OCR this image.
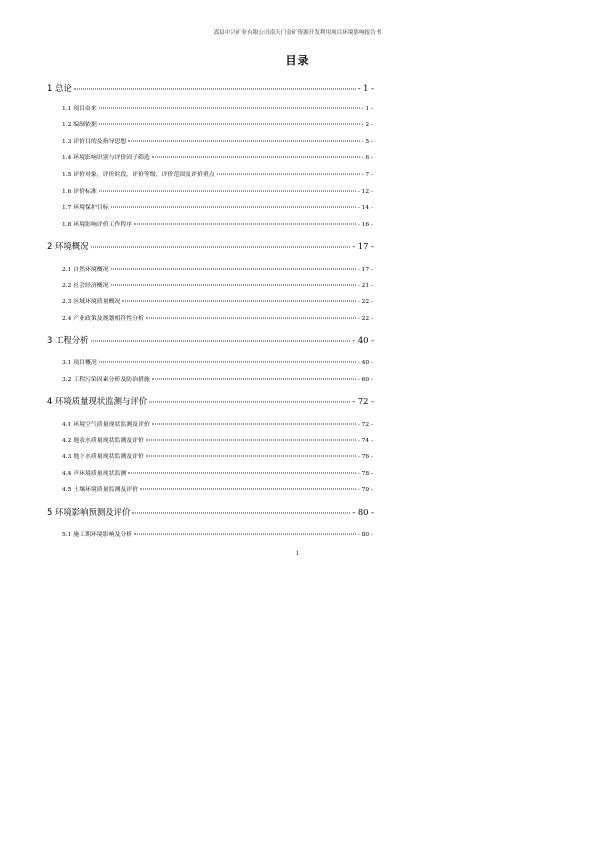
嵩县中兴矿业有限公司南天门金矿资源开发利用项目环境影响报告书
目录
1 总论	- 1 -
1.1 项目由来	- 1 -
1.2 编制依据	- 2 -
1.3 评价目的及指导思想	- 5 -
1.4 环境影响识别与评价因子筛选	- 6 -
1.5 评价对象，评价时段、评价等级、评价范围及评价重点	- 7 -
1.6 评价标准	- 12 -
1.7 环境保护目标	- 14 -
1.8 环境影响评价工作程序	- 16 -
2 环境概况	- 17 -
2.1 自然环境概况	- 17 -
2.2 社会经济概况	- 21 -
2.3 区域环境质量概况	- 22 -
2.4 产业政策及规划相符性分析	- 22 -
3 工程分析	- 40 -
3.1 项目概况	- 40 -
3.2 工程污染因素分析及防治措施	- 60 -
4 环境质量现状监测与评价	- 72 -
4.1 环境空气质量现状监测及评价	- 72 -
4.2 地表水质量现状监测及评价	- 74 -
4.3 地下水质量现状监测及评价	- 76 -
4.4 声环境质量现状监测	- 78 -
4.5 土壤环境质量监测及评价	- 79 -
5 环境影响预测及评价	- 80 -
5.1 施工期环境影响及分析	- 80 -
1
